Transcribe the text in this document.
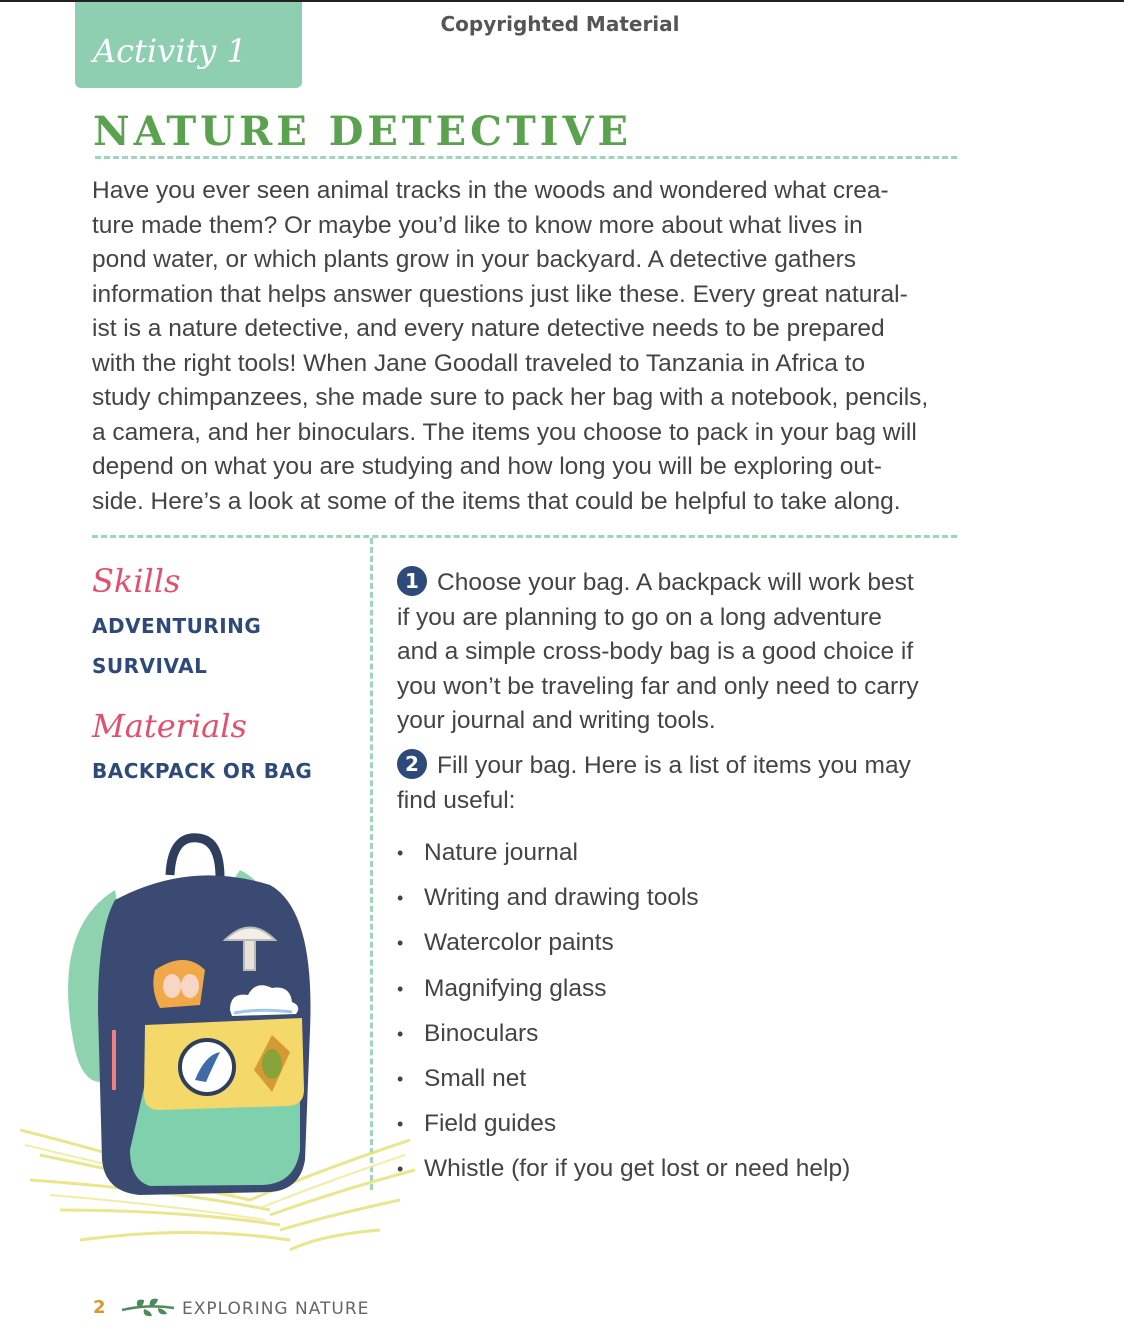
Activity 1
Copyrighted Material
NATURE DETECTIVE

Have you ever seen animal tracks in the woods and wondered what crea-

ture made them? Or maybe you’d like to know more about what lives in

pond water, or which plants grow in your backyard. A detective gathers

information that helps answer questions just like these. Every great natural-

ist is a nature detective, and every nature detective needs to be prepared

with the right tools! When Jane Goodall traveled to Tanzania in Africa to

study chimpanzees, she made sure to pack her bag with a notebook, pencils,

a camera, and her binoculars. The items you choose to pack in your bag will

depend on what you are studying and how long you will be exploring out-

side. Here’s a look at some of the items that could be helpful to take along.

Skills
ADVENTURING
SURVIVAL
Materials
BACKPACK OR BAG

1 Choose your bag. A backpack will work best

if you are planning to go on a long adventure

and a simple cross-body bag is a good choice if

you won’t be traveling far and only need to carry

your journal and writing tools.

2 Fill your bag. Here is a list of items you may

find useful:

• Nature journal
• Writing and drawing tools
• Watercolor paints
• Magnifying glass
• Binoculars
• Small net
• Field guides
• Whistle (for if you get lost or need help)
2	EXPLORING NATURE
